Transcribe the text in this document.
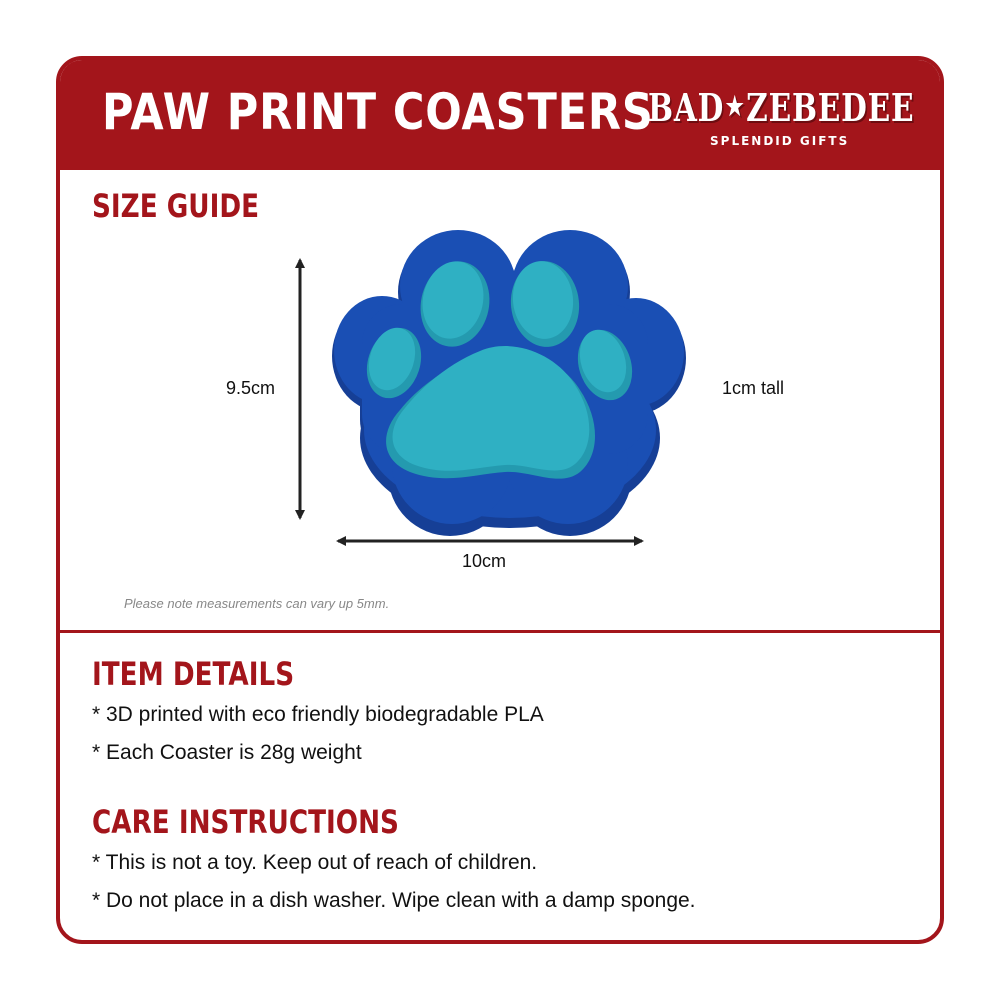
PAW PRINT COASTERS
BAD★ZEBEDEE
SPLENDID GIFTS
SIZE GUIDE
9.5cm
10cm
1cm tall
Please note measurements can vary up 5mm.
ITEM DETAILS
* 3D printed with eco friendly biodegradable PLA
* Each Coaster is 28g weight
CARE INSTRUCTIONS
* This is not a toy. Keep out of reach of children.
* Do not place in a dish washer. Wipe clean with a damp sponge.
